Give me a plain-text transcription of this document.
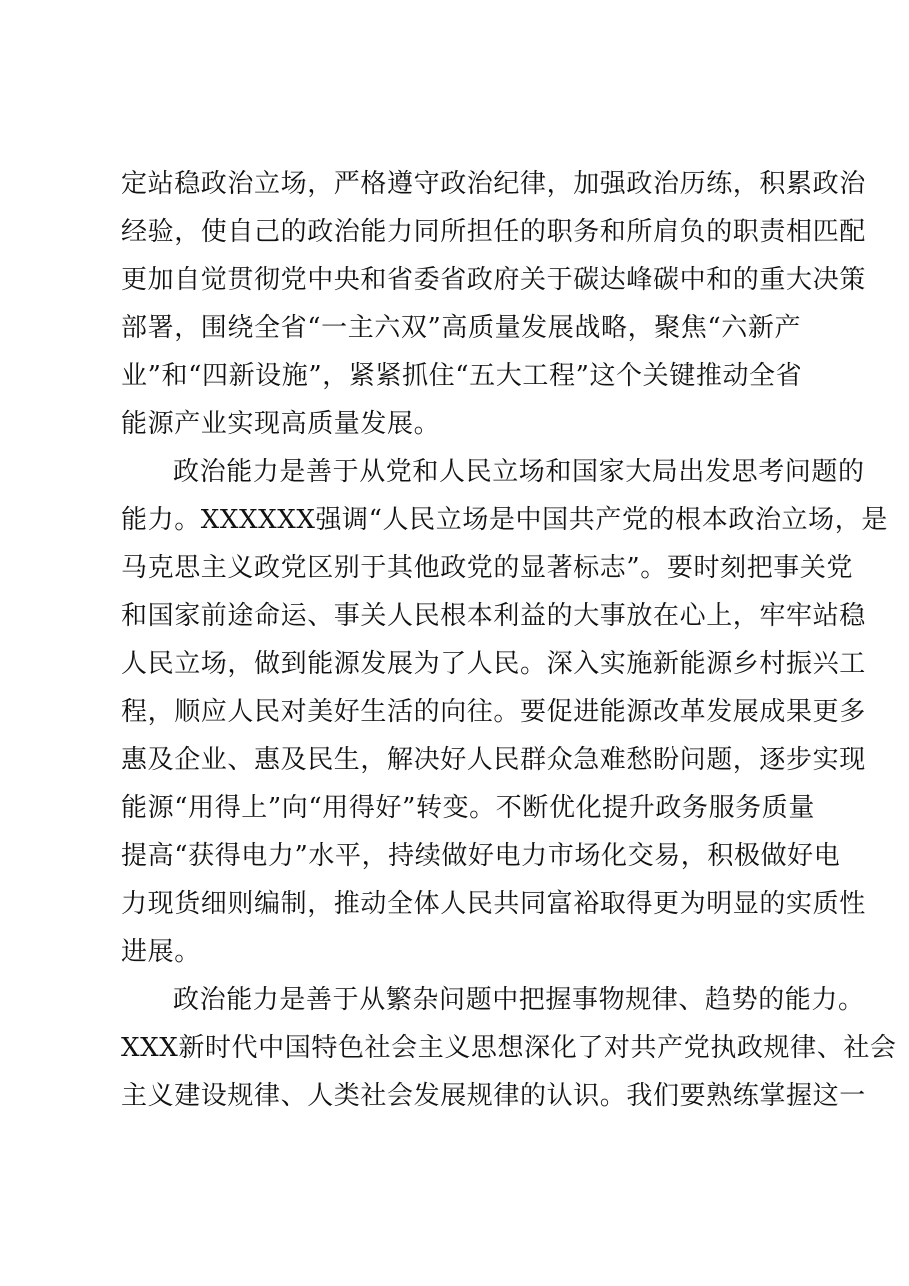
定站稳政治立场，严格遵守政治纪律，加强政治历练，积累政治
经验，使自己的政治能力同所担任的职务和所肩负的职责相匹配
更加自觉贯彻党中央和省委省政府关于碳达峰碳中和的重大决策
部署，围绕全省“一主六双”高质量发展战略，聚焦“六新产
业”和“四新设施”，紧紧抓住“五大工程”这个关键推动全省
能源产业实现高质量发展。
政治能力是善于从党和人民立场和国家大局出发思考问题的
能力。XXXXXX强调“人民立场是中国共产党的根本政治立场，是
马克思主义政党区别于其他政党的显著标志”。要时刻把事关党
和国家前途命运、事关人民根本利益的大事放在心上，牢牢站稳
人民立场，做到能源发展为了人民。深入实施新能源乡村振兴工
程，顺应人民对美好生活的向往。要促进能源改革发展成果更多
惠及企业、惠及民生，解决好人民群众急难愁盼问题，逐步实现
能源“用得上”向“用得好”转变。不断优化提升政务服务质量
提高“获得电力”水平，持续做好电力市场化交易，积极做好电
力现货细则编制，推动全体人民共同富裕取得更为明显的实质性
进展。
政治能力是善于从繁杂问题中把握事物规律、趋势的能力。
XXX新时代中国特色社会主义思想深化了对共产党执政规律、社会
主义建设规律、人类社会发展规律的认识。我们要熟练掌握这一
